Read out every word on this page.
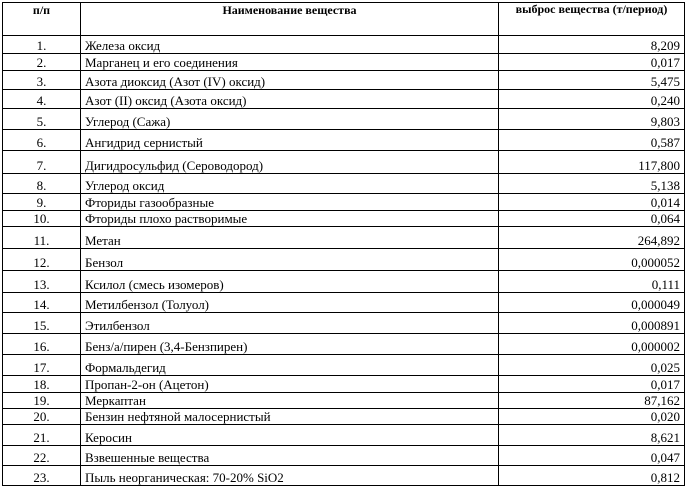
п/п	Наименование вещества	выброс вещества (т/период)
1.	Железа оксид	8,209
2.	Марганец и его соединения	0,017
3.	Азота диоксид (Азот (IV) оксид)	5,475
4.	Азот (II) оксид (Азота оксид)	0,240
5.	Углерод (Сажа)	9,803
6.	Ангидрид сернистый	0,587
7.	Дигидросульфид (Сероводород)	117,800
8.	Углерод оксид	5,138
9.	Фториды газообразные	0,014
10.	Фториды плохо растворимые	0,064
11.	Метан	264,892
12.	Бензол	0,000052
13.	Ксилол (смесь изомеров)	0,111
14.	Метилбензол (Толуол)	0,000049
15.	Этилбензол	0,000891
16.	Бенз/а/пирен (3,4-Бензпирен)	0,000002
17.	Формальдегид	0,025
18.	Пропан-2-он (Ацетон)	0,017
19.	Меркаптан	87,162
20.	Бензин нефтяной малосернистый	0,020
21.	Керосин	8,621
22.	Взвешенные вещества	0,047
23.	Пыль неорганическая: 70-20% SiO2	0,812
